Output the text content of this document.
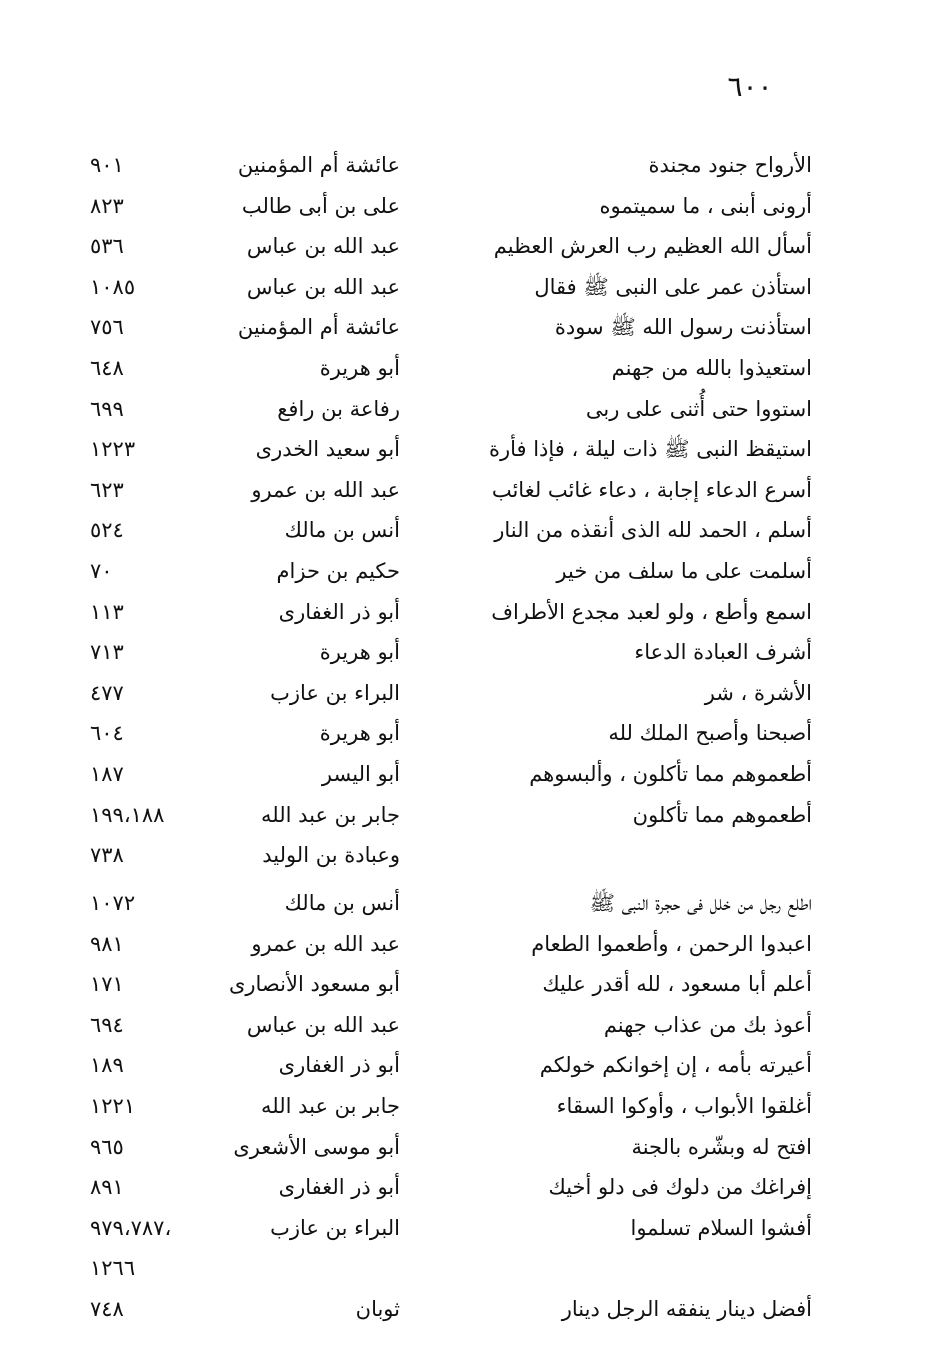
٦٠٠
الأرواح جنود مجندة
عائشة أم المؤمنين
٩٠١
أرونى أبنى ، ما سميتموه
على بن أبى طالب
٨٢٣
أسأل الله العظيم رب العرش العظيم
عبد الله بن عباس
٥٣٦
استأذن عمر على النبى ﷺ فقال
عبد الله بن عباس
١٠٨٥
استأذنت رسول الله ﷺ سودة
عائشة أم المؤمنين
٧٥٦
استعيذوا بالله من جهنم
أبو هريرة
٦٤٨
استووا حتى أُثنى على ربى
رفاعة بن رافع
٦٩٩
استيقظ النبى ﷺ ذات ليلة ، فإذا فأرة
أبو سعيد الخدرى
١٢٢٣
أسرع الدعاء إجابة ، دعاء غائب لغائب
عبد الله بن عمرو
٦٢٣
أسلم ، الحمد لله الذى أنقذه من النار
أنس بن مالك
٥٢٤
أسلمت على ما سلف من خير
حكيم بن حزام
٧٠
اسمع وأطع ، ولو لعبد مجدع الأطراف
أبو ذر الغفارى
١١٣
أشرف العبادة الدعاء
أبو هريرة
٧١٣
الأشرة ، شر
البراء بن عازب
٤٧٧
أصبحنا وأصبح الملك لله
أبو هريرة
٦٠٤
أطعموهم مما تأكلون ، وألبسوهم
أبو اليسر
١٨٧
أطعموهم مما تأكلون
جابر بن عبد الله
١٩٩،١٨٨
وعبادة بن الوليد
٧٣٨
اطلع رجل من خلل فى حجرة النبى ﷺ
أنس بن مالك
١٠٧٢
اعبدوا الرحمن ، وأطعموا الطعام
عبد الله بن عمرو
٩٨١
أعلم أبا مسعود ، لله أقدر عليك
أبو مسعود الأنصارى
١٧١
أعوذ بك من عذاب جهنم
عبد الله بن عباس
٦٩٤
أعيرته بأمه ، إن إخوانكم خولكم
أبو ذر الغفارى
١٨٩
أغلقوا الأبواب ، وأوكوا السقاء
جابر بن عبد الله
١٢٢١
افتح له وبشّره بالجنة
أبو موسى الأشعرى
٩٦٥
إفراغك من دلوك فى دلو أخيك
أبو ذر الغفارى
٨٩١
أفشوا السلام تسلموا
البراء بن عازب
،٩٧٩،٧٨٧
١٢٦٦
أفضل دينار ينفقه الرجل دينار
ثوبان
٧٤٨
